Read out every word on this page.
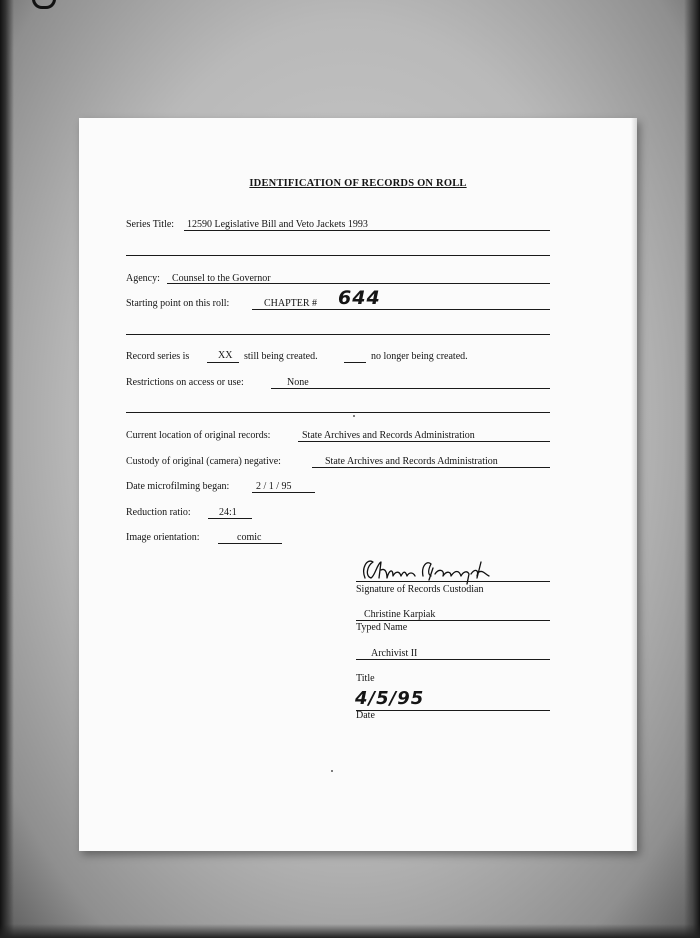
IDENTIFICATION OF RECORDS ON ROLL
Series Title: 12590 Legislative Bill and Veto Jackets 1993
Agency: Counsel to the Governor
Starting point on this roll:	CHAPTER # 644
Record series is	XX still being created.	no longer being created.
Restrictions on access or use:	None
Current location of original records:	State Archives and Records Administration
Custody of original (camera) negative:	State Archives and Records Administration
Date microfilming began:	2 / 1 / 95
Reduction ratio:	24:1
Image orientation:	comic
Signature of Records Custodian
Christine Karpiak
Typed Name
Archivist II
Title
4/5/95
Date
